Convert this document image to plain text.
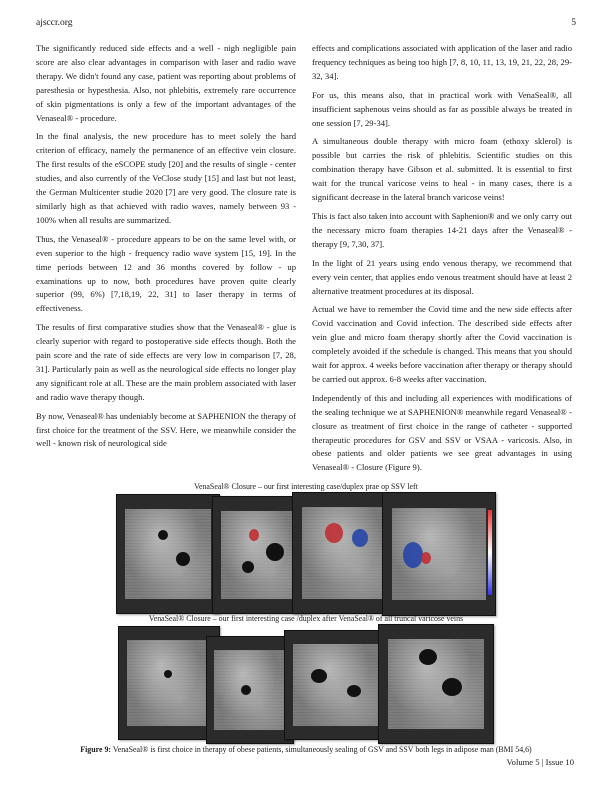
ajsccr.org	5

The significantly reduced side effects and a well - nigh negligible pain score are also clear advantages in comparison with laser and radio wave therapy. We didn't found any case, patient was reporting about problems of paresthesia or hypesthesia. Also, not phlebitis, extremely rare occurrence of skin pigmentations is only a few of the important advantages of the Venaseal® - procedure.

In the final analysis, the new procedure has to meet solely the hard criterion of efficacy, namely the permanence of an effective vein closure. The first results of the eSCOPE study [20] and the results of single - center studies, and also currently of the VeClose study [15] and last but not least, the German Multicenter studie 2020 [7] are very good. The closure rate is similarly high as that achieved with radio waves, namely between 93 - 100% when all results are summarized.

Thus, the Venaseal® - procedure appears to be on the same level with, or even superior to the high - frequency radio wave system [15, 19]. In the time periods between 12 and 36 months covered by follow - up examinations up to now, both procedures have proven quite clearly superior (99, 6%) [7,18,19, 22, 31] to laser therapy in terms of effectiveness.

The results of first comparative studies show that the Venaseal® - glue is clearly superior with regard to postoperative side effects though. Both the pain score and the rate of side effects are very low in comparison [7, 28, 31]. Particularly pain as well as the neurological side effects no longer play any significant role at all. These are the main problem associated with laser and radio wave therapy though.

By now, Venaseal® has undeniably become at SAPHENION the therapy of first choice for the treatment of the SSV. Here, we meanwhile consider the well - known risk of neurological side

effects and complications associated with application of the laser and radio frequency techniques as being too high [7, 8, 10, 11, 13, 19, 21, 22, 28, 29-32, 34].

For us, this means also, that in practical work with VenaSeal®, all insufficient saphenous veins should as far as possible always be treated in one session [7, 29-34].

A simultaneous double therapy with micro foam (ethoxy sklerol) is possible but carries the risk of phlebitis. Scientific studies on this combination therapy have Gibson et al. submitted. It is essential to first wait for the truncal varicose veins to heal - in many cases, there is a significant decrease in the lateral branch varicose veins!

This is fact also taken into account with Saphenion® and we only carry out the necessary micro foam therapies 14-21 days after the Venaseal® - therapy [9, 7,30, 37].

In the light of 21 years using endo venous therapy, we recommend that every vein center, that applies endo venous treatment should have at least 2 alternative treatment procedures at its disposal.

Actual we have to remember the Covid time and the new side effects after Covid vaccination and Covid infection. The described side effects after vein glue and micro foam therapy shortly after the Covid vaccination is completely avoided if the schedule is changed. This means that you should wait for approx. 4 weeks before vaccination after therapy or therapy should be carried out approx. 6-8 weeks after vaccination.

Independently of this and including all experiences with modifications of the sealing technique we at SAPHENION® meanwhile regard Venaseal® - closure as treatment of first choice in the range of catheter - supported therapeutic procedures for GSV and SSV or VSAA - varicosis. Also, in obese patients and older patients we see great advantages in using Venaseal® - Closure (Figure 9).

VenaSeal® Closure – our first interesting case/duplex prae op SSV left
VenaSeal® Closure – our first interesting case /duplex after VenaSeal® of all truncal varicose veins
Figure 9: VenaSeal® is first choice in therapy of obese patients, simultaneously sealing of GSV and SSV both legs in adipose man (BMI 54,6)
Volume 5 | Issue 10
